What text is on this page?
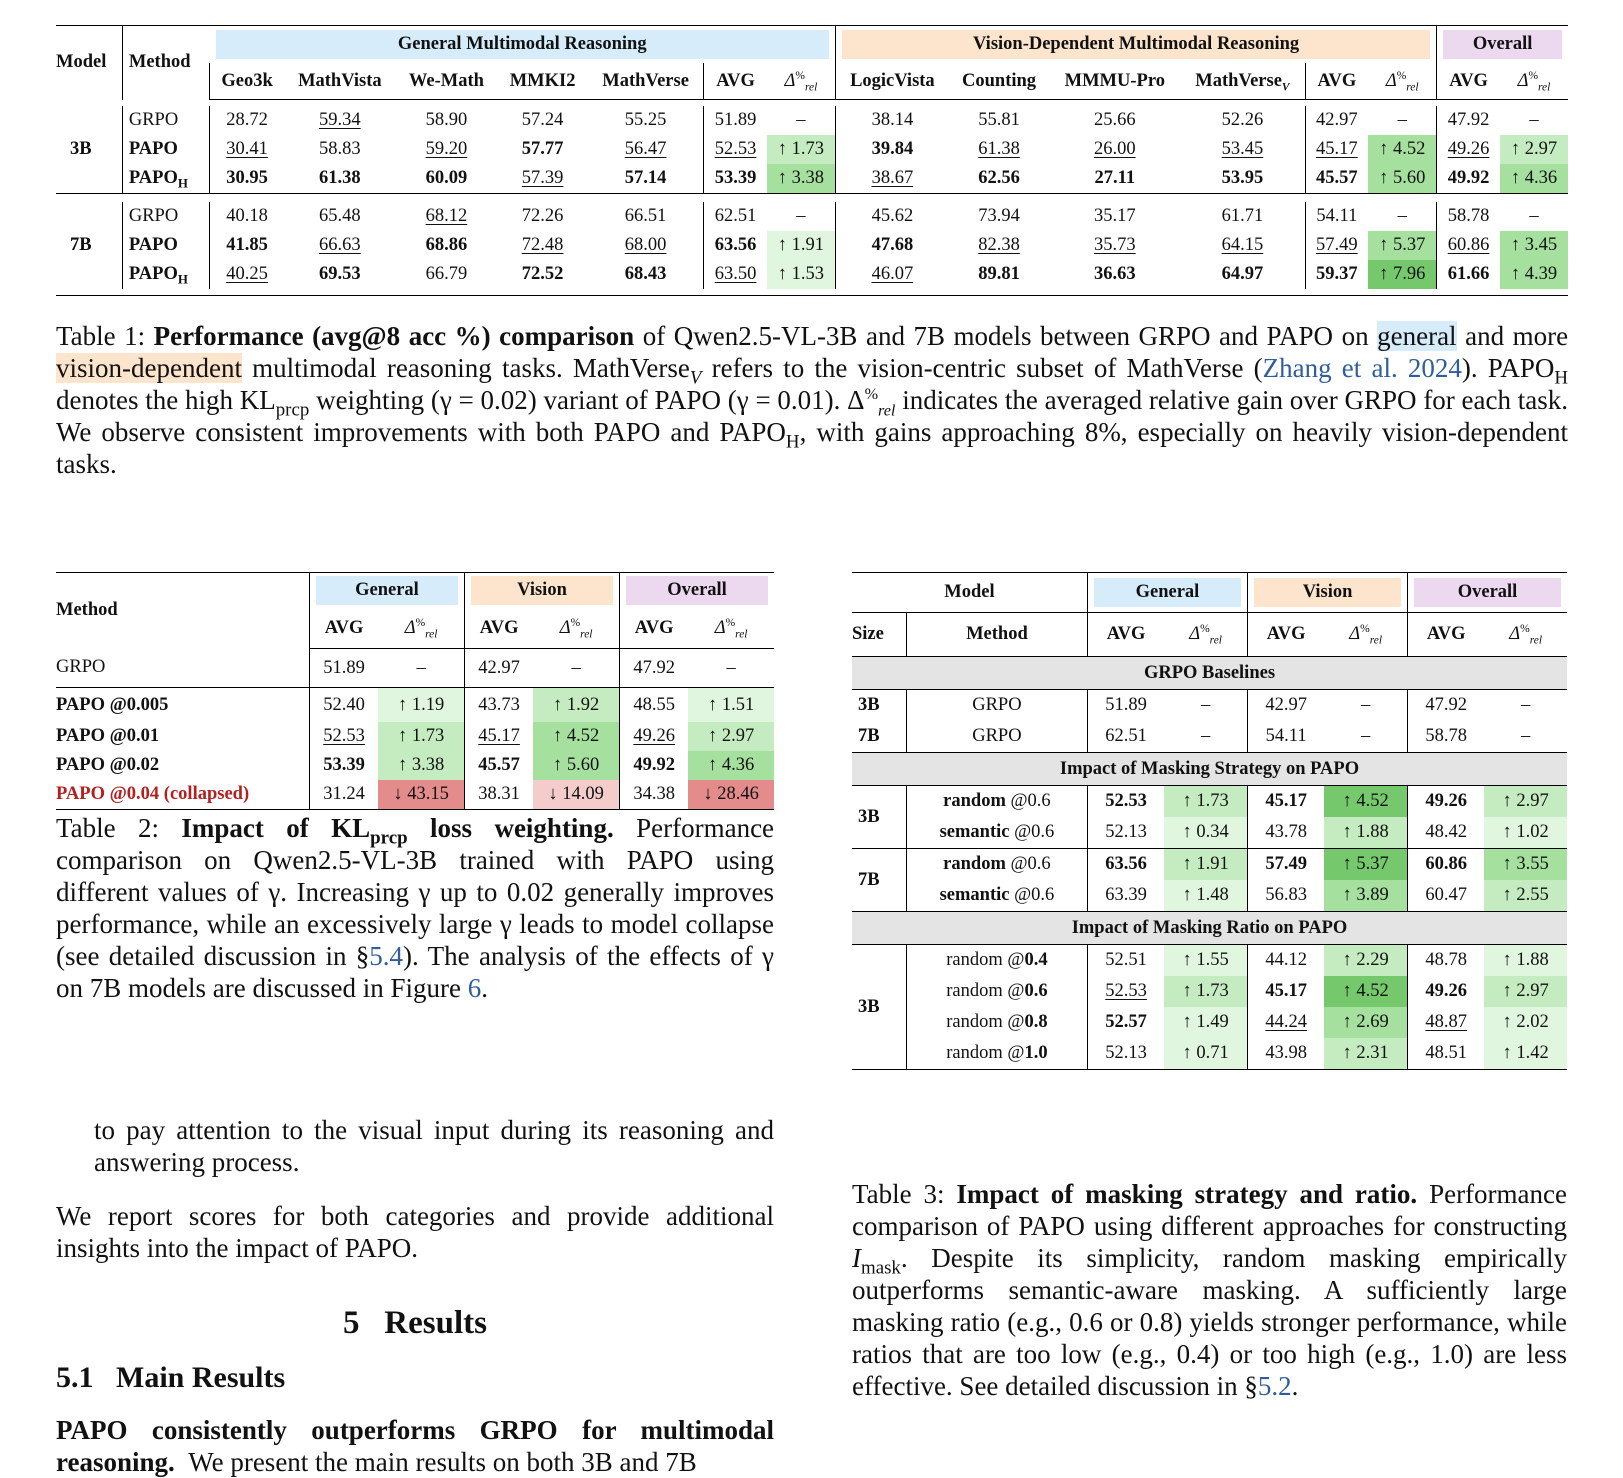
Model	Method	General Multimodal Reasoning							Vision-Dependent Multimodal Reasoning						Overall	
		Geo3k	MathVista	We-Math	MMKI2	MathVerse	AVG	$\Delta^{\%}_{rel}$	LogicVista	Counting	MMMU-Pro	MathVerse$_V$	AVG	$\Delta^{\%}_{rel}$	AVG	$\Delta^{\%}_{rel}$

3B	GRPO	28.72	59.34	58.90	57.24	55.25	51.89	–	38.14	55.81	25.66	52.26	42.97	–	47.92	–
	PAPO	30.41	58.83	59.20	57.77	56.47	52.53	↑ 1.73	39.84	61.38	26.00	53.45	45.17	↑ 4.52	49.26	↑ 2.97
	$PAPO_H$	30.95	61.38	60.09	57.39	57.14	53.39	↑ 3.38	38.67	62.56	27.11	53.95	45.57	↑ 5.60	49.92	↑ 4.36

7B	GRPO	40.18	65.48	68.12	72.26	66.51	62.51	–	45.62	73.94	35.17	61.71	54.11	–	58.78	–
	PAPO	41.85	66.63	68.86	72.48	68.00	63.56	↑ 1.91	47.68	82.38	35.73	64.15	57.49	↑ 5.37	60.86	↑ 3.45
	$PAPO_H$	40.25	69.53	66.79	72.52	68.43	63.50	↑ 1.53	46.07	89.81	36.63	64.97	59.37	↑ 7.96	61.66	↑ 4.39

Table 1: Performance (avg@8 acc %) comparison of Qwen2.5-VL-3B and 7B models between GRPO and PAPO on general and more vision-dependent multimodal reasoning tasks. MathVerse$_V$ refers to the vision-centric subset of MathVerse (Zhang et al. 2024). $PAPO_H$ denotes the high $KL_{prcp}$ weighting (γ = 0.02) variant of PAPO (γ = 0.01). $\Delta^{\%}_{rel}$ indicates the averaged relative gain over GRPO for each task. We observe consistent improvements with both PAPO and $PAPO_H$, with gains approaching 8%, especially on heavily vision-dependent tasks.
Method	General		Vision		Overall	
	AVG	$\Delta^{\%}_{rel}$	AVG	$\Delta^{\%}_{rel}$	AVG	$\Delta^{\%}_{rel}$
GRPO	51.89	–	42.97	–	47.92	–
PAPO @0.005	52.40	↑ 1.19	43.73	↑ 1.92	48.55	↑ 1.51
PAPO @0.01	52.53	↑ 1.73	45.17	↑ 4.52	49.26	↑ 2.97
PAPO @0.02	53.39	↑ 3.38	45.57	↑ 5.60	49.92	↑ 4.36
PAPO @0.04 (collapsed)	31.24	↓ 43.15	38.31	↓ 14.09	34.38	↓ 28.46
Table 2: Impact of $KL_{prcp}$ loss weighting. Performance comparison on Qwen2.5-VL-3B trained with PAPO using different values of γ. Increasing γ up to 0.02 generally improves performance, while an excessively large γ leads to model collapse (see detailed discussion in §5.4). The analysis of the effects of γ on 7B models are discussed in Figure 6.
Model		General		Vision		Overall	
Size	Method	AVG	$\Delta^{\%}_{rel}$	AVG	$\Delta^{\%}_{rel}$	AVG	$\Delta^{\%}_{rel}$
GRPO Baselines							
3B	GRPO	51.89	–	42.97	–	47.92	–
7B	GRPO	62.51	–	54.11	–	58.78	–
Impact of Masking Strategy on PAPO							
3B	random @0.6	52.53	↑ 1.73	45.17	↑ 4.52	49.26	↑ 2.97
	semantic @0.6	52.13	↑ 0.34	43.78	↑ 1.88	48.42	↑ 1.02
7B	random @0.6	63.56	↑ 1.91	57.49	↑ 5.37	60.86	↑ 3.55
	semantic @0.6	63.39	↑ 1.48	56.83	↑ 3.89	60.47	↑ 2.55
Impact of Masking Ratio on PAPO							
3B	random @0.4	52.51	↑ 1.55	44.12	↑ 2.29	48.78	↑ 1.88
	random @0.6	52.53	↑ 1.73	45.17	↑ 4.52	49.26	↑ 2.97
	random @0.8	52.57	↑ 1.49	44.24	↑ 2.69	48.87	↑ 2.02
	random @1.0	52.13	↑ 0.71	43.98	↑ 2.31	48.51	↑ 1.42
Table 3: Impact of masking strategy and ratio. Performance comparison of PAPO using different approaches for constructing $I_{mask}$. Despite its simplicity, random masking empirically outperforms semantic-aware masking. A sufficiently large masking ratio (e.g., 0.6 or 0.8) yields stronger performance, while ratios that are too low (e.g., 0.4) or too high (e.g., 1.0) are less effective. See detailed discussion in §5.2.
to pay attention to the visual input during its reasoning and answering process.
We report scores for both categories and provide additional insights into the impact of PAPO.
5 Results
5.1 Main Results
PAPO consistently outperforms GRPO for multimodal reasoning. We present the main results on both 3B and 7B
